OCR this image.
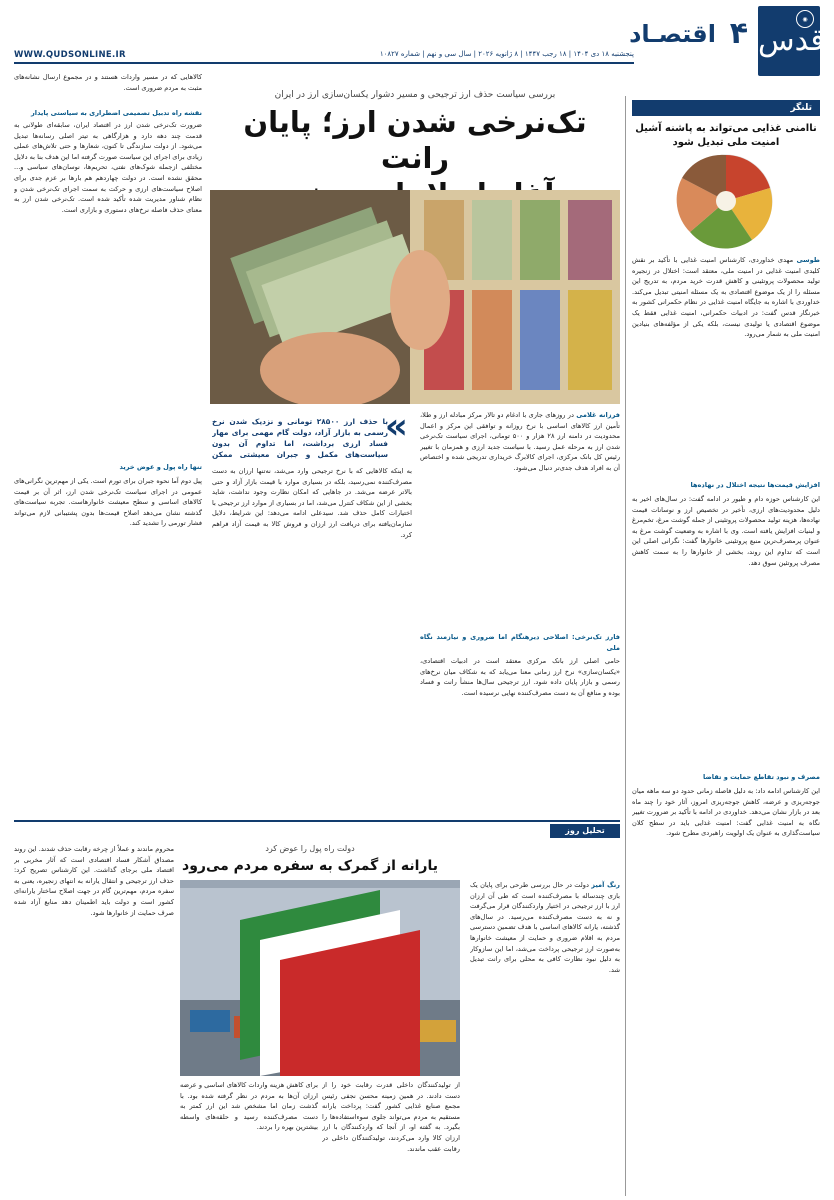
قدس
◉
۴
اقتصـاد
WWW.QUDSONLINE.IR	پنجشنبه ۱۸ دی ۱۴۰۴ | ۱۸ رجب ۱۴۴۷ | ۸ ژانویه ۲۰۲۶ | سال سی و نهم | شماره ۱۰۸۲۷
تلنگر
ناامنی غذایی می‌تواند به پاشنه آشیل امنیت ملی تبدیل شود
طوسی مهدی خداوردی، کارشناس امنیت غذایی با تأکید بر نقش کلیدی امنیت غذایی در امنیت ملی، معتقد است: اختلال در زنجیره تولید محصولات پروتئینی و کاهش قدرت خرید مردم، به تدریج این مسئله را از یک موضوع اقتصادی به یک مسئله امنیتی تبدیل می‌کند. خداوردی با اشاره به جایگاه امنیت غذایی در نظام حکمرانی کشور به خبرنگار قدس گفت: در ادبیات حکمرانی، امنیت غذایی فقط یک موضوع اقتصادی یا تولیدی نیست، بلکه یکی از مؤلفه‌های بنیادین امنیت ملی به شمار می‌رود.
افزایش قیمت‌ها نتیجه اختلال در نهاده‌ها
این کارشناس حوزه دام و طیور در ادامه گفت: در سال‌های اخیر به دلیل محدودیت‌های ارزی، تأخیر در تخصیص ارز و نوسانات قیمت نهاده‌ها، هزینه تولید محصولات پروتئینی از جمله گوشت مرغ، تخم‌مرغ و لبنیات افزایش یافته است. وی با اشاره به وضعیت گوشت مرغ به عنوان پرمصرف‌ترین منبع پروتئینی خانوارها گفت: نگرانی اصلی این است که تداوم این روند، بخشی از خانوارها را به سمت کاهش مصرف پروتئین سوق دهد.
مصرف و نبود تقاطع حمایت و تقاضا
این کارشناس ادامه داد: به دلیل فاصله زمانی حدود دو سه ماهه میان جوجه‌ریزی و عرضه، کاهش جوجه‌ریزی امروز، آثار خود را چند ماه بعد در بازار نشان می‌دهد. خداوردی در ادامه با تأکید بر ضرورت تغییر نگاه به امنیت غذایی گفت: امنیت غذایی باید در سطح کلان سیاست‌گذاری به عنوان یک اولویت راهبردی مطرح شود.
بررسی سیاست حذف ارز ترجیحی و مسیر دشوار یکسان‌سازی ارز در ایران
تک‌نرخی شدن ارز؛ پایان رانت
کالاهایی که در مسیر واردات هستند و در مجموع ارسال نشانه‌های مثبت به مردم ضروری است.
نقشه راه تدبیل تصمیمی اضطراری به سیاستی پایدار
ضرورت تک‌نرخی شدن ارز در اقتصاد ایران، سابقه‌ای طولانی به قدمت چند دهه دارد و هزارگاهی به تیتر اصلی رسانه‌ها تبدیل می‌شود. از دولت سازندگی تا کنون، شعارها و حتی تلاش‌های عملی زیادی برای اجرای این سیاست صورت گرفته اما این هدف بنا به دلایل مختلفی ازجمله شوک‌های نفتی، تحریم‌ها، نوسان‌های سیاسی و... محقق نشده است. در دولت چهاردهم هم بارها بر عزم جدی برای اصلاح سیاست‌های ارزی و حرکت به سمت اجرای تک‌نرخی شدن و نظام شناور مدیریت شده تأکید شده است. تک‌نرخی شدن ارز به معنای حذف فاصله نرخ‌های دستوری و بازاری است.
تنها راه پول و عوض خرید
پیل دوم آما نحوه جبران برای تورم است. یکی از مهم‌ترین نگرانی‌های عمومی در اجرای سیاست تک‌نرخی شدن ارز، اثر آن بر قیمت کالاهای اساسی و سطح معیشت خانوارهاست. تجربه سیاست‌های گذشته نشان می‌دهد اصلاح قیمت‌ها بدون پشتیبانی لازم می‌تواند فشار تورمی را تشدید کند.
«
با حذف ارز ۲۸۵۰۰ تومانی و نزدیک شدن نرخ رسمی به بازار آزاد، دولت گام مهمی برای مهار فساد ارزی برداشت، اما تداوم آن بدون سیاست‌های مکمل و جبران معیشتی ممکن
فرزانه غلامی در روزهای جاری با ادغام دو تالار مرکز مبادله ارز و طلا، تأمین ارز کالاهای اساسی با نرخ روزانه و توافقی این مرکز و اعمال محدودیت در دامنه ارز ۲۸ هزار و ۵۰۰ تومانی، اجرای سیاست تک‌نرخی شدن ارز به مرحله عمل رسید. با سیاست جدید ارزی و همزمان با تغییر رئیس کل بانک مرکزی، اجرای کالابرگ خریداری تدریجی شده و اختصاص آن به افراد هدف جدی‌تر دنبال می‌شود.
فارز تک‌نرخی: اصلاحی دیرهنگام اما ضروری و نیازمند نگاه ملی
حامی اصلی ارز بانک مرکزی معتقد است در ادبیات اقتصادی، «یکسان‌سازی» نرخ ارز زمانی معنا می‌یابد که به شکاف میان نرخ‌های رسمی و بازار پایان داده شود. ارز ترجیحی سال‌ها منشأ رانت و فساد بوده و منافع آن به دست مصرف‌کننده نهایی نرسیده است.
به اینکه کالاهایی که با نرخ ترجیحی وارد می‌شد، نه‌تنها ارزان به دست مصرف‌کننده نمی‌رسید، بلکه در بسیاری موارد با قیمت بازار آزاد و حتی بالاتر عرضه می‌شد. در جاهایی که امکان نظارت وجود نداشت، شاید بخشی از این شکاف کنترل می‌شد، اما در بسیاری از موارد ارز ترجیحی با اختیارات کامل حذف شد. سیدعلی ادامه می‌دهد: این شرایط، دلایل سازمان‌یافته برای دریافت ارز ارزان و فروش کالا به قیمت آزاد فراهم کرد.
تحلیل روز
دولت راه پول را عوض کرد
یارانه از گمرک به سفره مردم می‌رود
رنگ آمیز دولت در حال بررسی طرحی برای پایان یک بازی چندساله با مصرف‌کننده است که طی آن ارزان ارز با ارز ترجیحی در اختیار واردکنندگان قرار می‌گرفت و نه به دست مصرف‌کننده می‌رسید. در سال‌های گذشته، یارانه کالاهای اساسی با هدف تضمین دسترسی مردم به اقلام ضروری و حمایت از معیشت خانوارها به‌صورت ارز ترجیحی پرداخت می‌شد، اما این سازوکار به دلیل نبود نظارت کافی به محلی برای رانت تبدیل شد.
از تولیدکنندگان داخلی قدرت رقابت خود را از دست دادند. در همین زمینه محسن نجفی رئیس مجمع صنایع غذایی کشور گفت: پرداخت یارانه مستقیم به مردم می‌تواند جلوی سوءاستفاده‌ها را بگیرد. به گفته او، از آنجا که واردکنندگان با ارز ارزان کالا وارد می‌کردند، تولیدکنندگان داخلی در رقابت عقب ماندند.
برای کاهش هزینه واردات کالاهای اساسی و عرضه ارزان آن‌ها به مردم در نظر گرفته شده بود. با گذشت زمان اما مشخص شد این ارز کمتر به دست مصرف‌کننده رسید و حلقه‌های واسطه بیشترین بهره را بردند.
محروم ماندند و عملاً از چرخه رقابت حذف شدند. این روند مصداق آشکار فساد اقتصادی است که آثار مخربی بر اقتصاد ملی برجای گذاشت. این کارشناس تصریح کرد: حذف ارز ترجیحی و انتقال یارانه به انتهای زنجیره، یعنی به سفره مردم، مهم‌ترین گام در جهت اصلاح ساختار یارانه‌ای کشور است و دولت باید اطمینان دهد منابع آزاد شده صرف حمایت از خانوارها شود.
